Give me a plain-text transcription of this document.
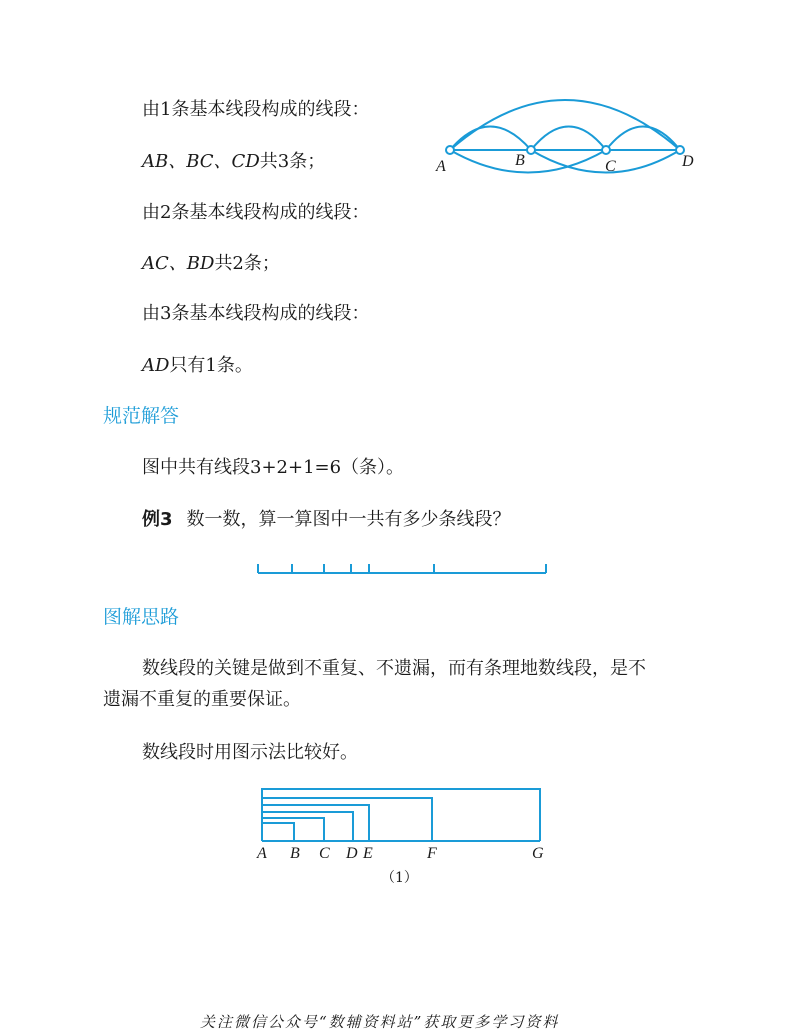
由1条基本线段构成的线段：
AB、BC、CD共3条；
由2条基本线段构成的线段：
AC、BD共2条；
由3条基本线段构成的线段：
AD只有1条。
A	B	C	D
规范解答
图中共有线段3+2+1=6（条）。
例3 数一数，算一算图中一共有多少条线段？
图解思路
数线段的关键是做到不重复、不遗漏，而有条理地数线段，是不
遗漏不重复的重要保证。
数线段时用图示法比较好。
A B C D E	F	G
（1）
关注微信公众号“数辅资料站”获取更多学习资料
